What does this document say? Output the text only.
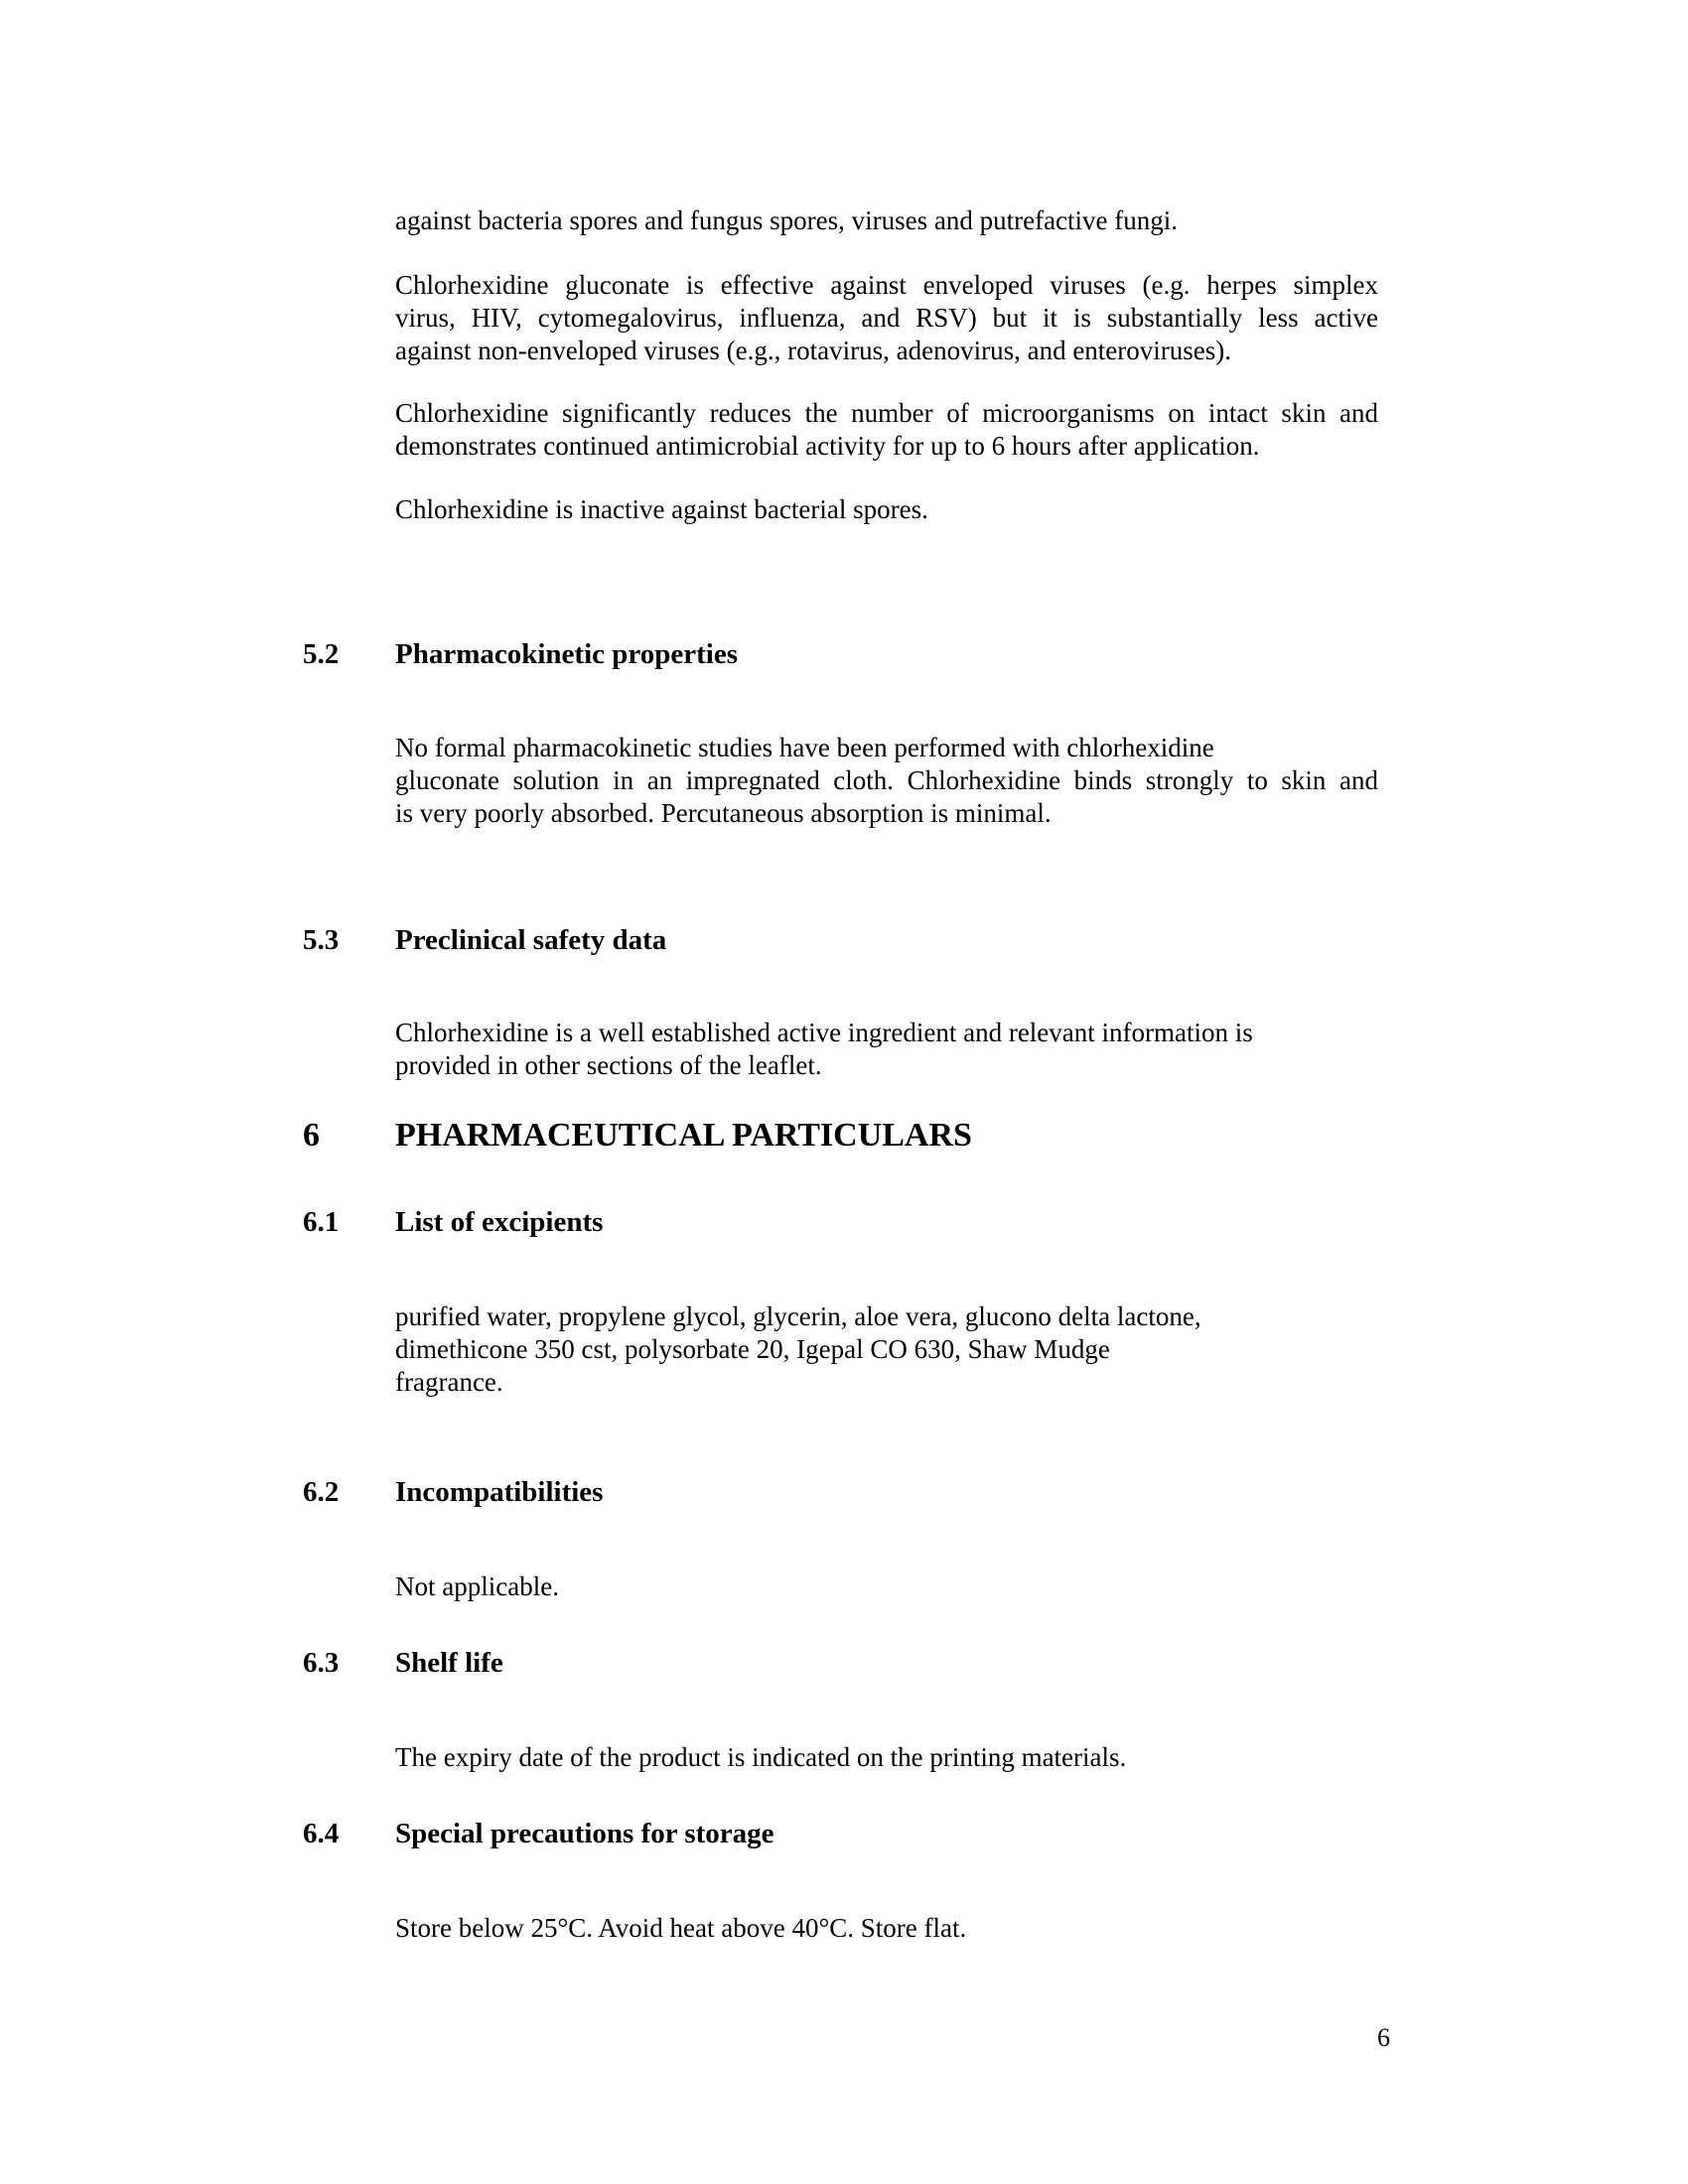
against bacteria spores and fungus spores, viruses and putrefactive fungi.

Chlorhexidine gluconate is effective against enveloped viruses (e.g. herpes simplex
virus, HIV, cytomegalovirus, influenza, and RSV) but it is substantially less active
against non-enveloped viruses (e.g., rotavirus, adenovirus, and enteroviruses).

Chlorhexidine significantly reduces the number of microorganisms on intact skin and
demonstrates continued antimicrobial activity for up to 6 hours after application.

Chlorhexidine is inactive against bacterial spores.

5.2 Pharmacokinetic properties

No formal pharmacokinetic studies have been performed with chlorhexidine
gluconate solution in an impregnated cloth. Chlorhexidine binds strongly to skin and
is very poorly absorbed. Percutaneous absorption is minimal.

5.3 Preclinical safety data

Chlorhexidine is a well established active ingredient and relevant information is
provided in other sections of the leaflet.

6 PHARMACEUTICAL PARTICULARS

6.1 List of excipients

purified water, propylene glycol, glycerin, aloe vera, glucono delta lactone,
dimethicone 350 cst, polysorbate 20, Igepal CO 630, Shaw Mudge
fragrance.

6.2 Incompatibilities

Not applicable.

6.3 Shelf life

The expiry date of the product is indicated on the printing materials.

6.4 Special precautions for storage

Store below 25°C. Avoid heat above 40°C. Store flat.

6
